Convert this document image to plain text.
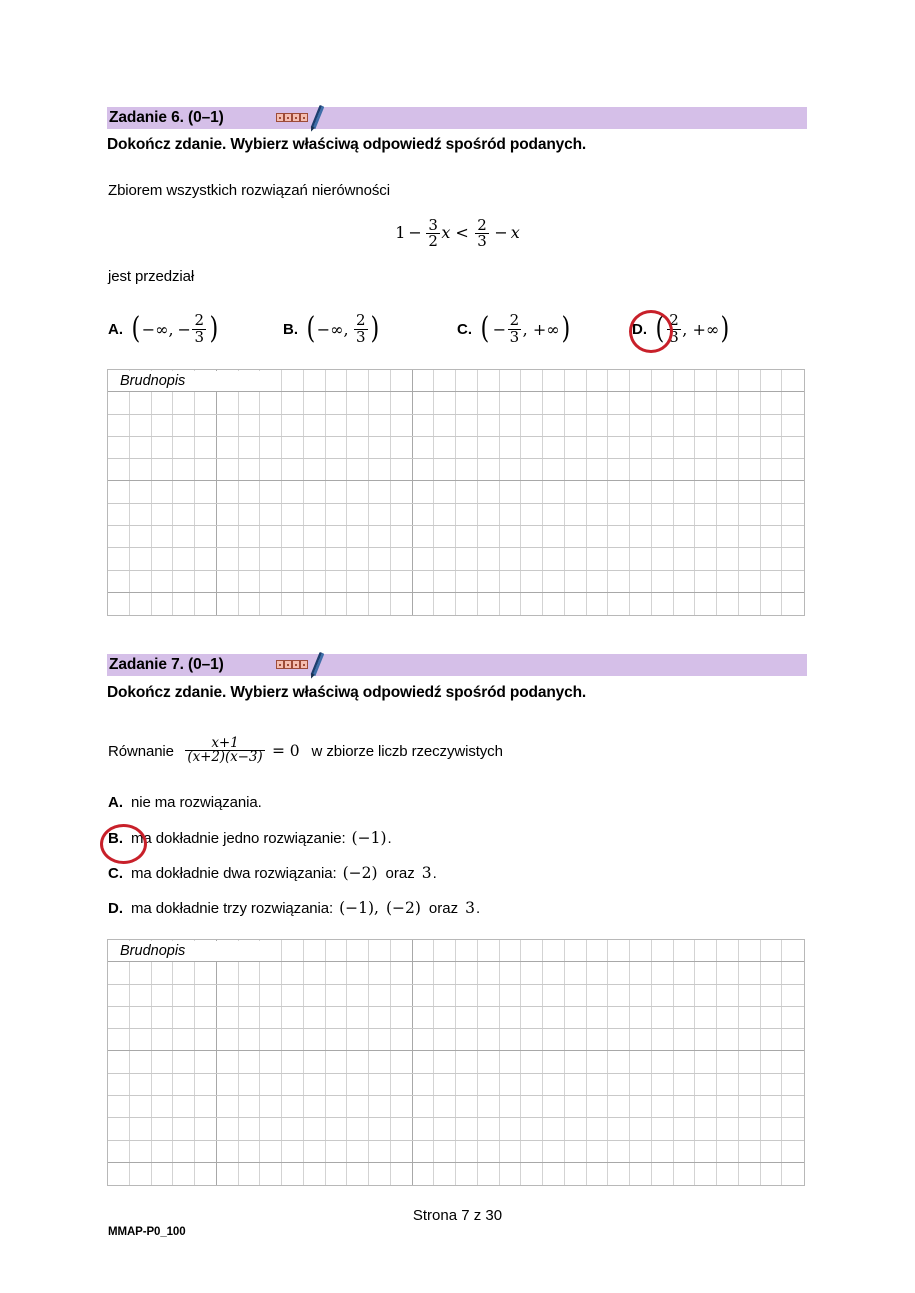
Zadanie 6. (0–1)
Dokończ zdanie. Wybierz właściwą odpowiedź spośród podanych.
Zbiorem wszystkich rozwiązań nierówności
$1 - \frac{3}{2}$ $x < \frac{2}{3} - x$
jest przedział
A. ( −∞, − $\frac{2}{3}$ )	B. ( −∞, $\frac{2}{3}$ )	C. ( − $\frac{2}{3}$ , +∞ )	D. ( $\frac{2}{3}$ , +∞ )
Brudnopis
Zadanie 7. (0–1)
Dokończ zdanie. Wybierz właściwą odpowiedź spośród podanych.
Równanie $\frac{x+1}{(x+2)(x-3)} = 0$ w zbiorze liczb rzeczywistych
A. nie ma rozwiązania.
B. ma dokładnie jedno rozwiązanie: (−1) .
C. ma dokładnie dwa rozwiązania: (−2) oraz 3 .
D. ma dokładnie trzy rozwiązania: (−1), (−2) oraz 3 .
Brudnopis
Strona 7 z 30
MMAP-P0_100
